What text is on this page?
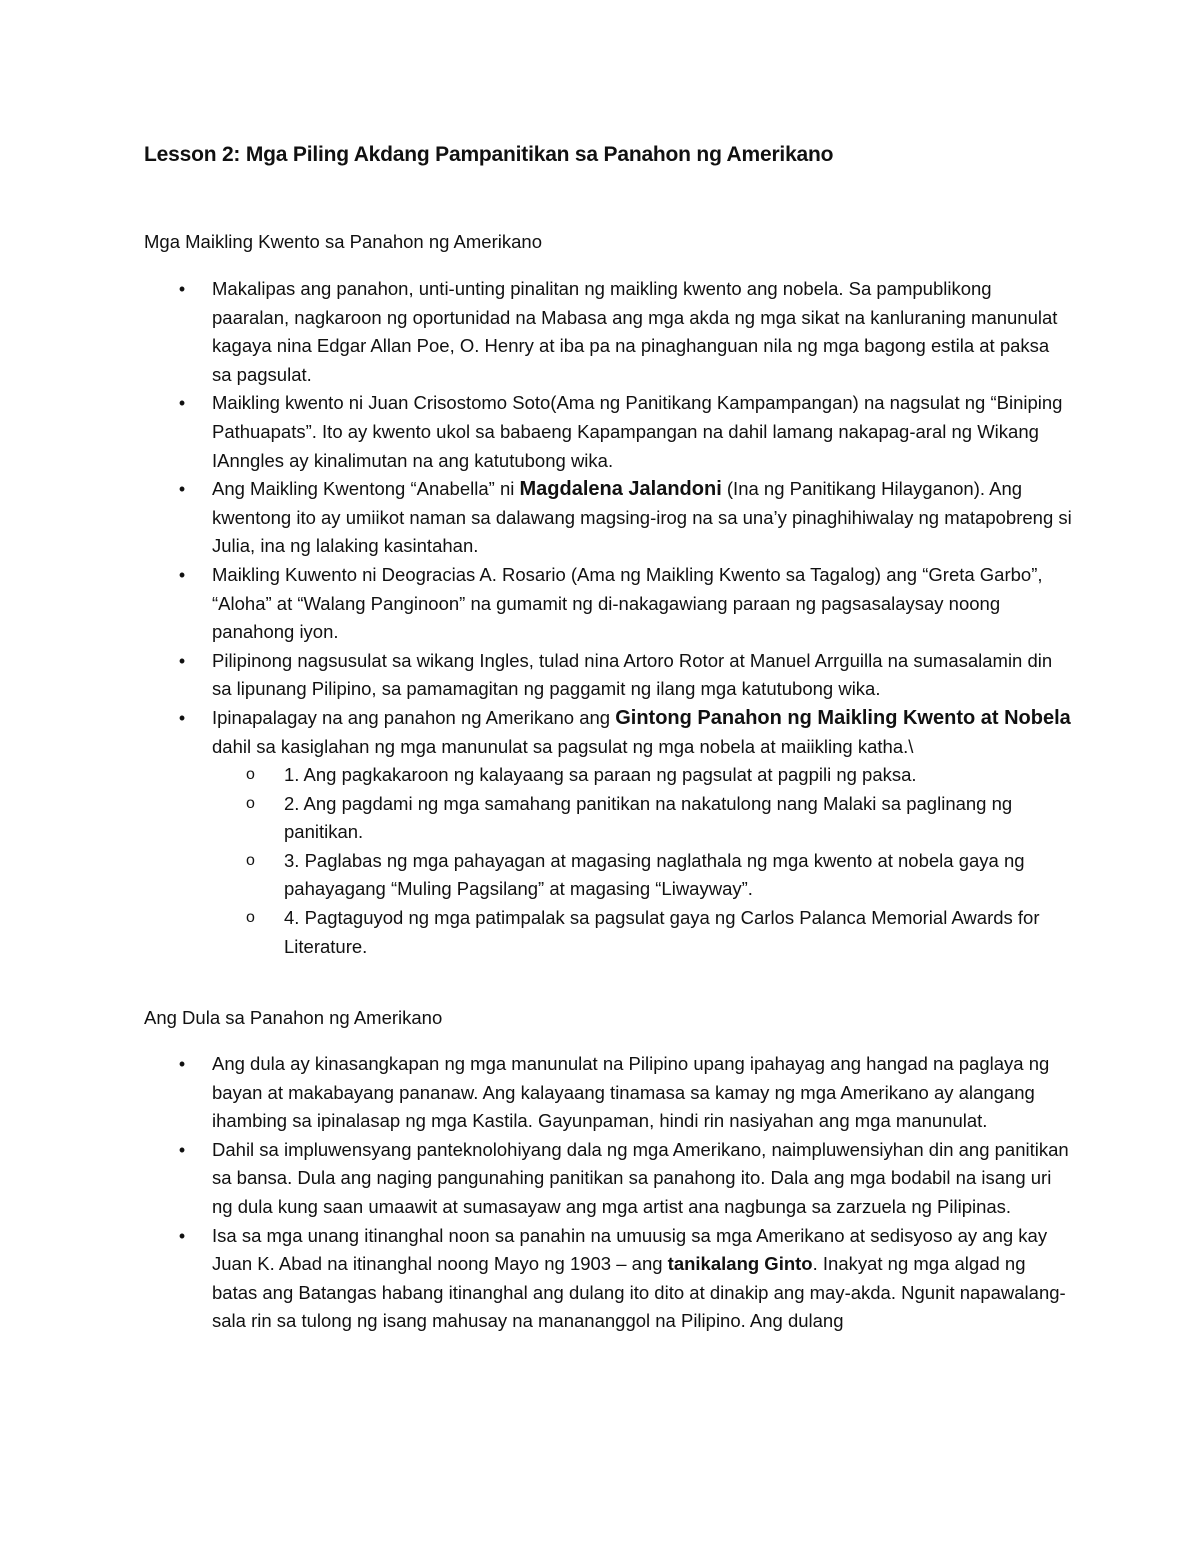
Lesson 2: Mga Piling Akdang Pampanitikan sa Panahon ng Amerikano
Mga Maikling Kwento sa Panahon ng Amerikano
•	Makalipas ang panahon, unti-unting pinalitan ng maikling kwento ang nobela. Sa pampublikong paaralan, nagkaroon ng oportunidad na Mabasa ang mga akda ng mga sikat na kanluraning manunulat kagaya nina Edgar Allan Poe, O. Henry at iba pa na pinaghanguan nila ng mga bagong estila at paksa sa pagsulat.
•	Maikling kwento ni Juan Crisostomo Soto(Ama ng Panitikang Kampampangan) na nagsulat ng “Biniping Pathuapats”. Ito ay kwento ukol sa babaeng Kapampangan na dahil lamang nakapag-aral ng Wikang IAnngles ay kinalimutan na ang katutubong wika.
•	Ang Maikling Kwentong “Anabella” ni Magdalena Jalandoni (Ina ng Panitikang Hilayganon). Ang kwentong ito ay umiikot naman sa dalawang magsing-irog na sa una’y pinaghihiwalay ng matapobreng si Julia, ina ng lalaking kasintahan.
•	Maikling Kuwento ni Deogracias A. Rosario (Ama ng Maikling Kwento sa Tagalog) ang “Greta Garbo”, “Aloha” at “Walang Panginoon” na gumamit ng di-nakagawiang paraan ng pagsasalaysay noong panahong iyon.
•	Pilipinong nagsusulat sa wikang Ingles, tulad nina Artoro Rotor at Manuel Arrguilla na sumasalamin din sa lipunang Pilipino, sa pamamagitan ng paggamit ng ilang mga katutubong wika.
•	Ipinapalagay na ang panahon ng Amerikano ang Gintong Panahon ng Maikling Kwento at Nobela dahil sa kasiglahan ng mga manunulat sa pagsulat ng mga nobela at maiikling katha.\
o 1. Ang pagkakaroon ng kalayaang sa paraan ng pagsulat at pagpili ng paksa.
o 2. Ang pagdami ng mga samahang panitikan na nakatulong nang Malaki sa paglinang ng panitikan.
o 3. Paglabas ng mga pahayagan at magasing naglathala ng mga kwento at nobela gaya ng pahayagang “Muling Pagsilang” at magasing “Liwayway”.
o 4. Pagtaguyod ng mga patimpalak sa pagsulat gaya ng Carlos Palanca Memorial Awards for Literature.
Ang Dula sa Panahon ng Amerikano
•	Ang dula ay kinasangkapan ng mga manunulat na Pilipino upang ipahayag ang hangad na paglaya ng bayan at makabayang pananaw. Ang kalayaang tinamasa sa kamay ng mga Amerikano ay alangang ihambing sa ipinalasap ng mga Kastila. Gayunpaman, hindi rin nasiyahan ang mga manunulat.
•	Dahil sa impluwensyang panteknolohiyang dala ng mga Amerikano, naimpluwensiyhan din ang panitikan sa bansa. Dula ang naging pangunahing panitikan sa panahong ito. Dala ang mga bodabil na isang uri ng dula kung saan umaawit at sumasayaw ang mga artist ana nagbunga sa zarzuela ng Pilipinas.
•	Isa sa mga unang itinanghal noon sa panahin na umuusig sa mga Amerikano at sedisyoso ay ang kay Juan K. Abad na itinanghal noong Mayo ng 1903 – ang tanikalang Ginto. Inakyat ng mga algad ng batas ang Batangas habang itinanghal ang dulang ito dito at dinakip ang may-akda. Ngunit napawalang-sala rin sa tulong ng isang mahusay na manananggol na Pilipino. Ang dulang
